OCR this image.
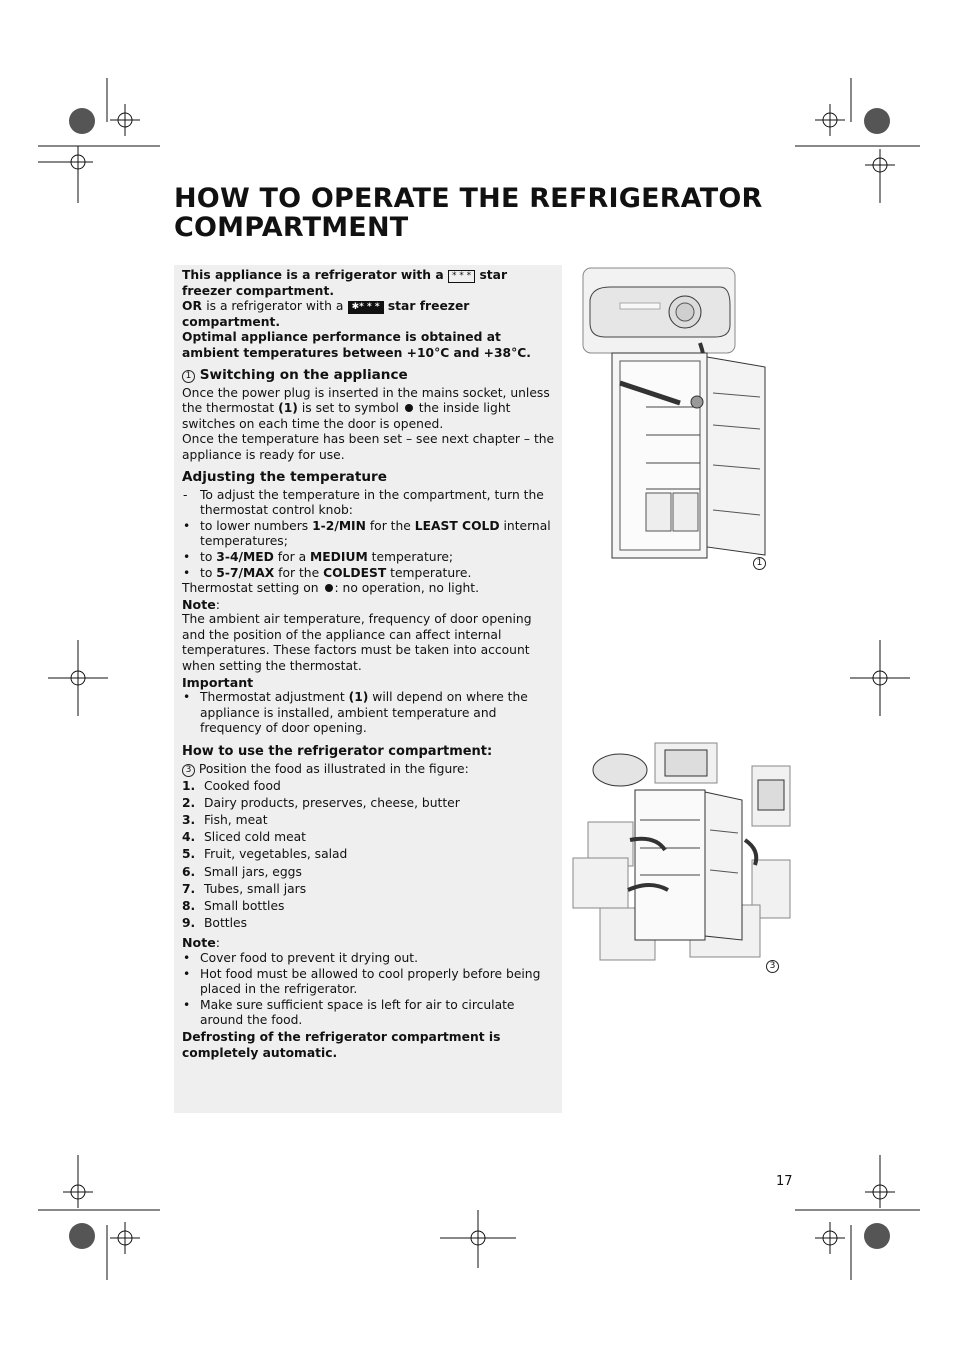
HOW TO OPERATE THE REFRIGERATOR COMPARTMENT

This appliance is a refrigerator with a * * * star freezer compartment.

OR is a refrigerator with a ✱* * * star freezer compartment.

Optimal appliance performance is obtained at ambient temperatures between +10°C and +38°C.

1 Switching on the appliance

Once the power plug is inserted in the mains socket, unless the thermostat (1) is set to symbol the inside light switches on each time the door is opened.

Once the temperature has been set – see next chapter – the appliance is ready for use.

Adjusting the temperature
- To adjust the temperature in the compartment, turn the thermostat control knob:
• to lower numbers 1-2/MIN for the LEAST COLD internal temperatures;
• to 3-4/MED for a MEDIUM temperature;
• to 5-7/MAX for the COLDEST temperature.

Thermostat setting on : no operation, no light.

Note:

The ambient air temperature, frequency of door opening and the position of the appliance can affect internal temperatures. These factors must be taken into account when setting the thermostat.

Important

• Thermostat adjustment (1) will depend on where the appliance is installed, ambient temperature and frequency of door opening.
How to use the refrigerator compartment:

3 Position the food as illustrated in the figure:

1. Cooked food
2. Dairy products, preserves, cheese, butter
3. Fish, meat
4. Sliced cold meat
5. Fruit, vegetables, salad
6. Small jars, eggs
7. Tubes, small jars
8. Small bottles
9. Bottles

Note:

• Cover food to prevent it drying out.
• Hot food must be allowed to cool properly before being placed in the refrigerator.
• Make sure sufficient space is left for air to circulate around the food.

Defrosting of the refrigerator compartment is completely automatic.

1
3
17
